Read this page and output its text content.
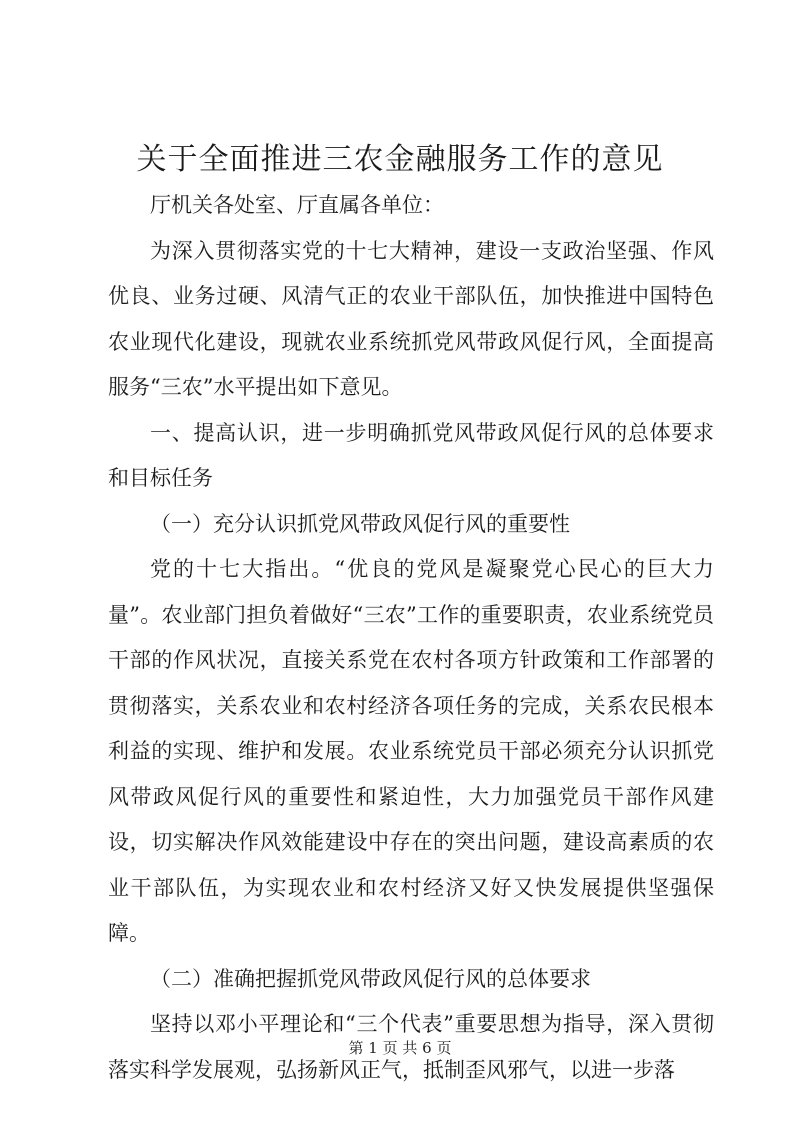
关于全面推进三农金融服务工作的意见

厅机关各处室、厅直属各单位：

为深入贯彻落实党的十七大精神，建设一支政治坚强、作风优良、业务过硬、风清气正的农业干部队伍，加快推进中国特色农业现代化建设，现就农业系统抓党风带政风促行风，全面提高服务“三农”水平提出如下意见。

一、提高认识，进一步明确抓党风带政风促行风的总体要求和目标任务

（一）充分认识抓党风带政风促行风的重要性

党的十七大指出。“优良的党风是凝聚党心民心的巨大力量”。农业部门担负着做好“三农”工作的重要职责，农业系统党员干部的作风状况，直接关系党在农村各项方针政策和工作部署的贯彻落实，关系农业和农村经济各项任务的完成，关系农民根本利益的实现、维护和发展。农业系统党员干部必须充分认识抓党风带政风促行风的重要性和紧迫性，大力加强党员干部作风建设，切实解决作风效能建设中存在的突出问题，建设高素质的农业干部队伍，为实现农业和农村经济又好又快发展提供坚强保障。

（二）准确把握抓党风带政风促行风的总体要求

坚持以邓小平理论和“三个代表”重要思想为指导，深入贯彻落实科学发展观，弘扬新风正气，抵制歪风邪气，以进一步落

第 1 页 共 6 页
